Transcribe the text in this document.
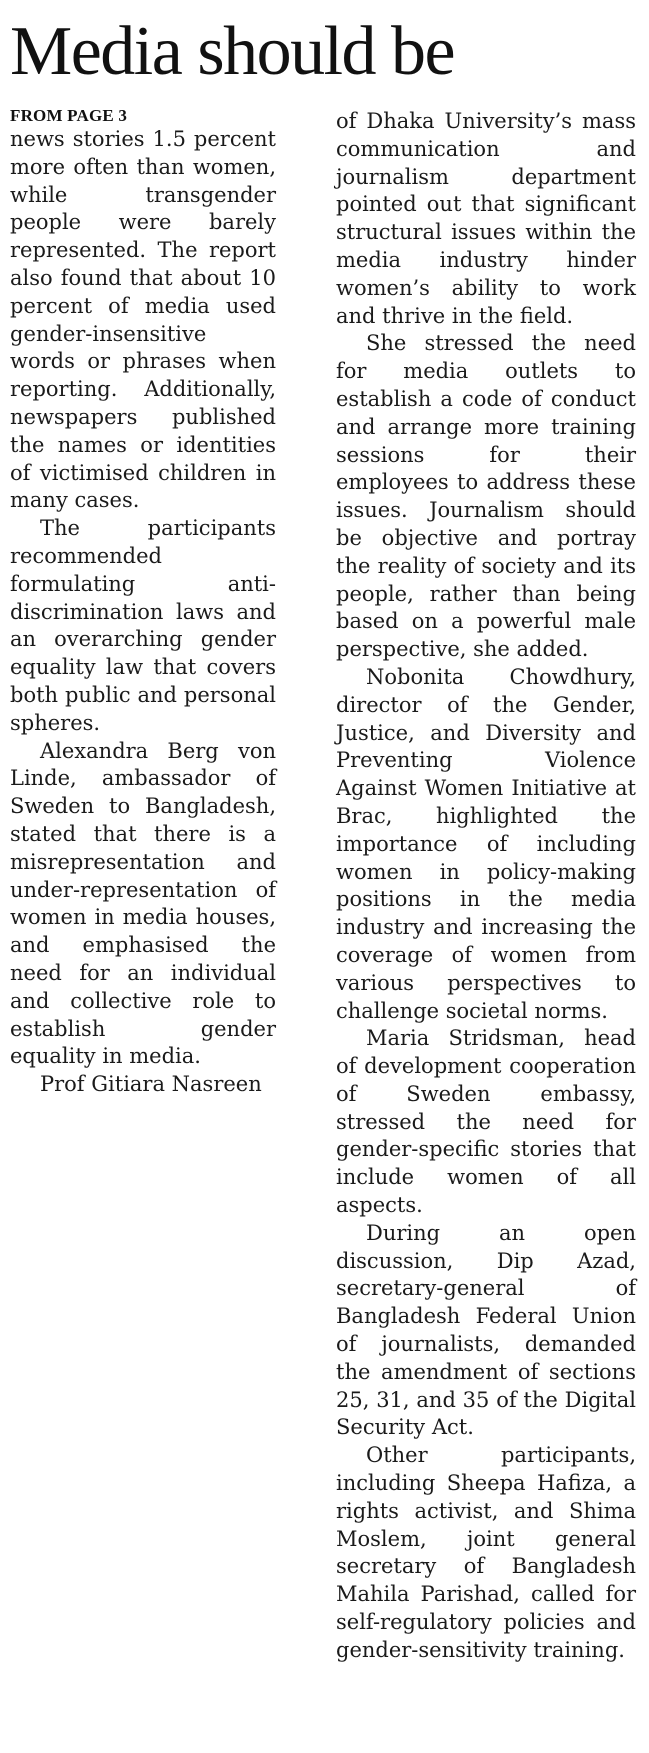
Media should be

FROM PAGE 3

news stories 1.5 percent more often than women, while transgender people were barely represented. The report also found that about 10 percent of media used gender-insensitive words or phrases when reporting. Additionally, newspapers published the names or identities of victimised children in many cases.

The participants recommended formulating anti-discrimination laws and an overarching gender equality law that covers both public and personal spheres.

Alexandra Berg von Linde, ambassador of Sweden to Bangladesh, stated that there is a misrepresentation and under-representation of women in media houses, and emphasised the need for an individual and collective role to establish gender equality in media.

Prof Gitiara Nasreen

of Dhaka University’s mass communication and journalism department pointed out that significant structural issues within the media industry hinder women’s ability to work and thrive in the field.

She stressed the need for media outlets to establish a code of conduct and arrange more training sessions for their employees to address these issues. Journalism should be objective and portray the reality of society and its people, rather than being based on a powerful male perspective, she added.

Nobonita Chowdhury, director of the Gender, Justice, and Diversity and Preventing Violence Against Women Initiative at Brac, highlighted the importance of including women in policy-making positions in the media industry and increasing the coverage of women from various perspectives to challenge societal norms.

Maria Stridsman, head of development cooperation of Sweden embassy, stressed the need for gender-specific stories that include women of all aspects.

During an open discussion, Dip Azad, secretary-general of Bangladesh Federal Union of journalists, demanded the amendment of sections 25, 31, and 35 of the Digital Security Act.

Other participants, including Sheepa Hafiza, a rights activist, and Shima Moslem, joint general secretary of Bangladesh Mahila Parishad, called for self-regulatory policies and gender-sensitivity training.
